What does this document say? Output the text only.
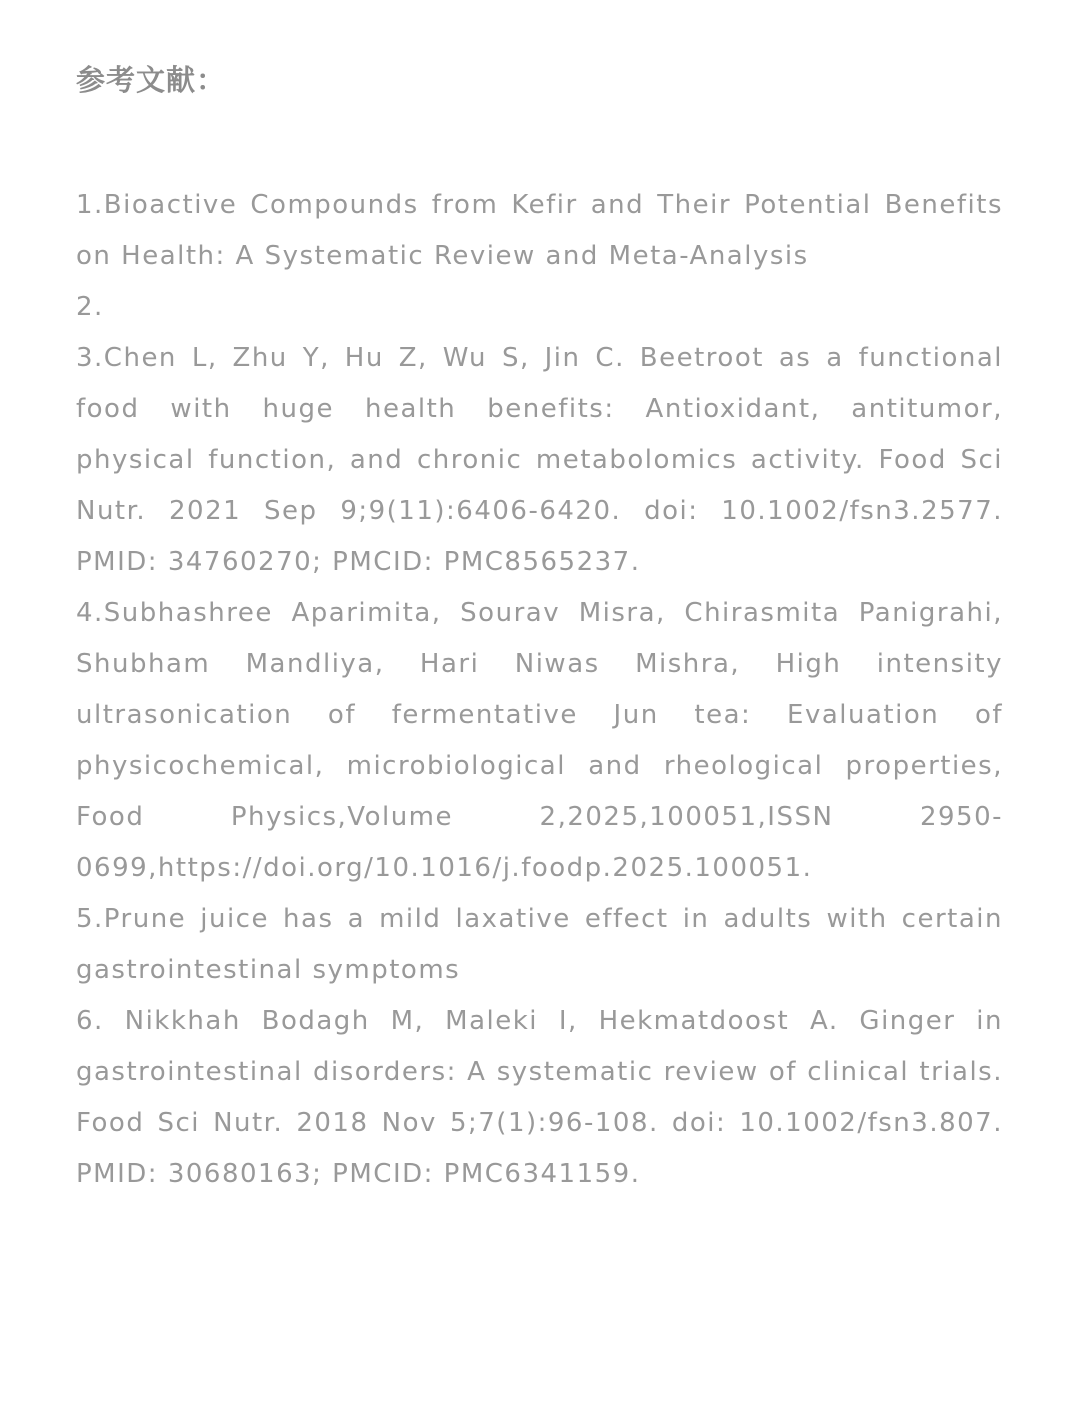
参考文献：
1.Bioactive Compounds from Kefir and Their Potential Benefits on Health: A Systematic Review and Meta-Analysis
2.
3.Chen L, Zhu Y, Hu Z, Wu S, Jin C. Beetroot as a functional food with huge health benefits: Antioxidant, antitumor, physical function, and chronic metabolomics activity. Food Sci Nutr. 2021 Sep 9;9(11):6406-6420. doi: 10.1002/fsn3.2577. PMID: 34760270; PMCID: PMC8565237.
4.Subhashree Aparimita, Sourav Misra, Chirasmita Panigrahi, Shubham Mandliya, Hari Niwas Mishra, High intensity ultrasonication of fermentative Jun tea: Evaluation of physicochemical, microbiological and rheological properties, Food Physics,Volume 2,2025,100051,ISSN 2950-0699,https://doi.org/10.1016/j.foodp.2025.100051.
5.Prune juice has a mild laxative effect in adults with certain gastrointestinal symptoms
6. Nikkhah Bodagh M, Maleki I, Hekmatdoost A. Ginger in gastrointestinal disorders: A systematic review of clinical trials. Food Sci Nutr. 2018 Nov 5;7(1):96-108. doi: 10.1002/fsn3.807. PMID: 30680163; PMCID: PMC6341159.
